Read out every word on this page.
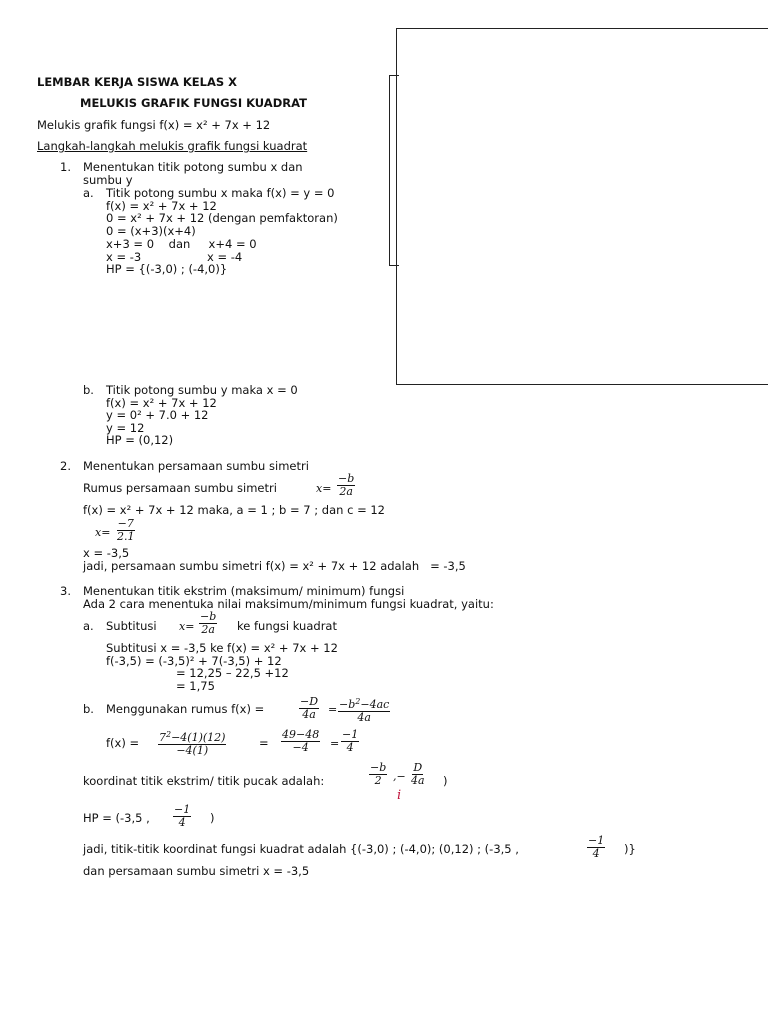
LEMBAR KERJA SISWA KELAS X
MELUKIS GRAFIK FUNGSI KUADRAT
Melukis grafik fungsi f(x) = x² + 7x + 12
Langkah-langkah melukis grafik fungsi kuadrat
1. Menentukan titik potong sumbu x dan
sumbu y
a. Titik potong sumbu x maka f(x) = y = 0
f(x) = x² + 7x + 12
0 = x² + 7x + 12 (dengan pemfaktoran)
0 = (x+3)(x+4)
x+3 = 0    dan     x+4 = 0
x = -3                  x = -4
HP = {(-3,0) ; (-4,0)}
b. Titik potong sumbu y maka x = 0
f(x) = x² + 7x + 12
y = 0² + 7.0 + 12
y = 12
HP = (0,12)
2. Menentukan persamaan sumbu simetri
Rumus persamaan sumbu simetri	$x= \frac{-b}{2a}$
f(x) = x² + 7x + 12 maka, a = 1 ; b = 7 ; dan c = 12
$x= \frac{-7}{2.1}$
x = -3,5
jadi, persamaan sumbu simetri f(x) = x² + 7x + 12 adalah   = -3,5
3. Menentukan titik ekstrim (maksimum/ minimum) fungsi
Ada 2 cara menentuka nilai maksimum/minimum fungsi kuadrat, yaitu:
a. Subtitusi $x= \frac{-b}{2a}$ ke fungsi kuadrat
Subtitusi x = -3,5 ke f(x) = x² + 7x + 12
f(-3,5) = (-3,5)² + 7(-3,5) + 12
= 12,25 – 22,5 +12
= 1,75
b. Menggunakan rumus f(x) =	$\frac{-D}{4a} = \frac{-b^2-4ac}{4a}$
$f(x) = \frac{7^2-4(1)(12)}{-4(1)}$	= $\frac{49-48}{-4} = \frac{-1}{4}$
koordinat titik ekstrim/ titik pucak adalah:	$\frac{-b}{2}$ ,− $\frac{D}{4a}$ )
i
HP = (-3,5 , $\frac{-1}{4}$ )
jadi, titik-titik koordinat fungsi kuadrat adalah {(-3,0) ; (-4,0); (0,12) ; (-3,5 ,	$\frac{-1}{4}$ )}
dan persamaan sumbu simetri x = -3,5
